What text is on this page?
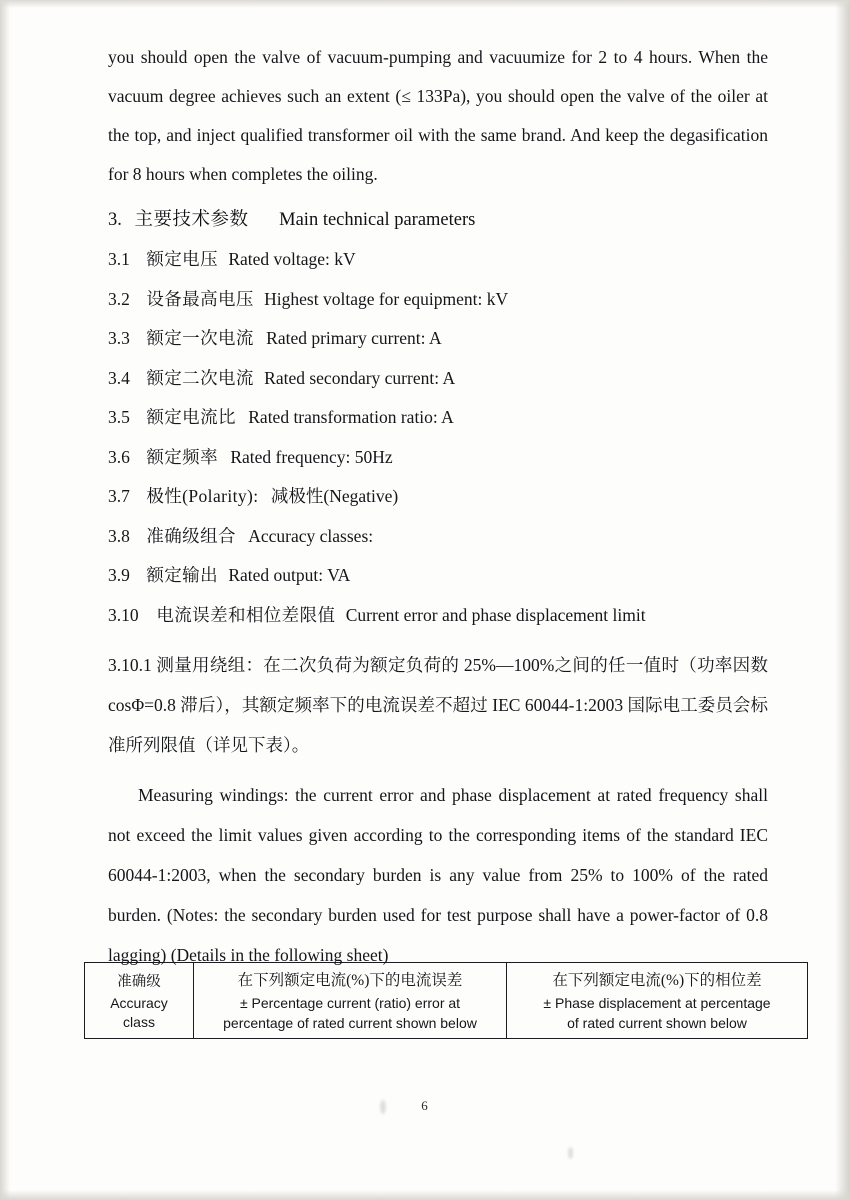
you should open the valve of vacuum-pumping and vacuumize for 2 to 4 hours. When the vacuum degree achieves such an extent (≤ 133Pa), you should open the valve of the oiler at the top, and inject qualified transformer oil with the same brand. And keep the degasification for 8 hours when completes the oiling.

3. 主要技术参数 Main technical parameters

3.1 额定电压 Rated voltage: kV

3.2 设备最高电压 Highest voltage for equipment: kV

3.3 额定一次电流 Rated primary current: A

3.4 额定二次电流 Rated secondary current: A

3.5 额定电流比 Rated transformation ratio: A

3.6 额定频率 Rated frequency: 50Hz

3.7 极性(Polarity): 减极性(Negative)

3.8 准确级组合 Accuracy classes:

3.9 额定输出 Rated output: VA

3.10 电流误差和相位差限值 Current error and phase displacement limit

3.10.1 测量用绕组：在二次负荷为额定负荷的 25%—100%之间的任一值时（功率因数 cosΦ=0.8 滞后），其额定频率下的电流误差不超过 IEC 60044-1:2003 国际电工委员会标准所列限值（详见下表）。

Measuring windings: the current error and phase displacement at rated frequency shall not exceed the limit values given according to the corresponding items of the standard IEC 60044-1:2003, when the secondary burden is any value from 25% to 100% of the rated burden. (Notes: the secondary burden used for test purpose shall have a power-factor of 0.8 lagging) (Details in the following sheet)

准确级
Accuracy
class

在下列额定电流(%)下的电流误差
± Percentage current (ratio) error at
percentage of rated current shown below

在下列额定电流(%)下的相位差
± Phase displacement at percentage
of rated current shown below
6
